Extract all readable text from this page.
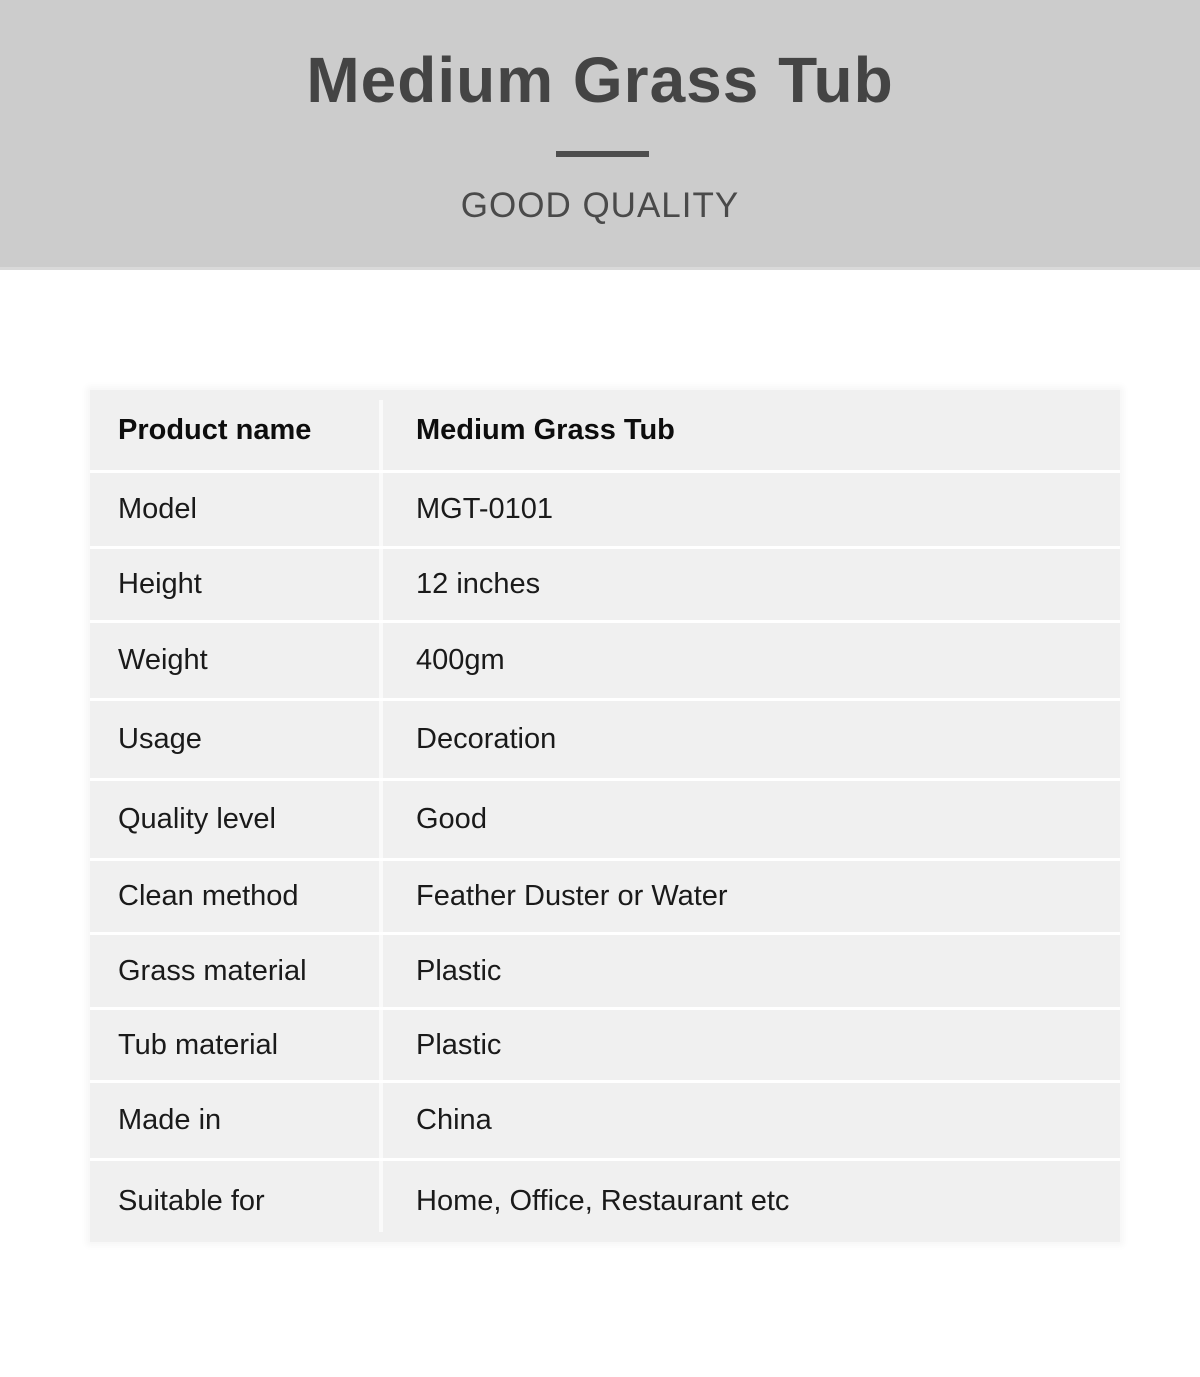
Medium Grass Tub
GOOD QUALITY
Product name	Medium Grass Tub
Model	MGT-0101
Height	12 inches
Weight	400gm
Usage	Decoration
Quality level	Good
Clean method	Feather Duster or Water
Grass material	Plastic
Tub material	Plastic
Made in	China
Suitable for	Home, Office, Restaurant etc
